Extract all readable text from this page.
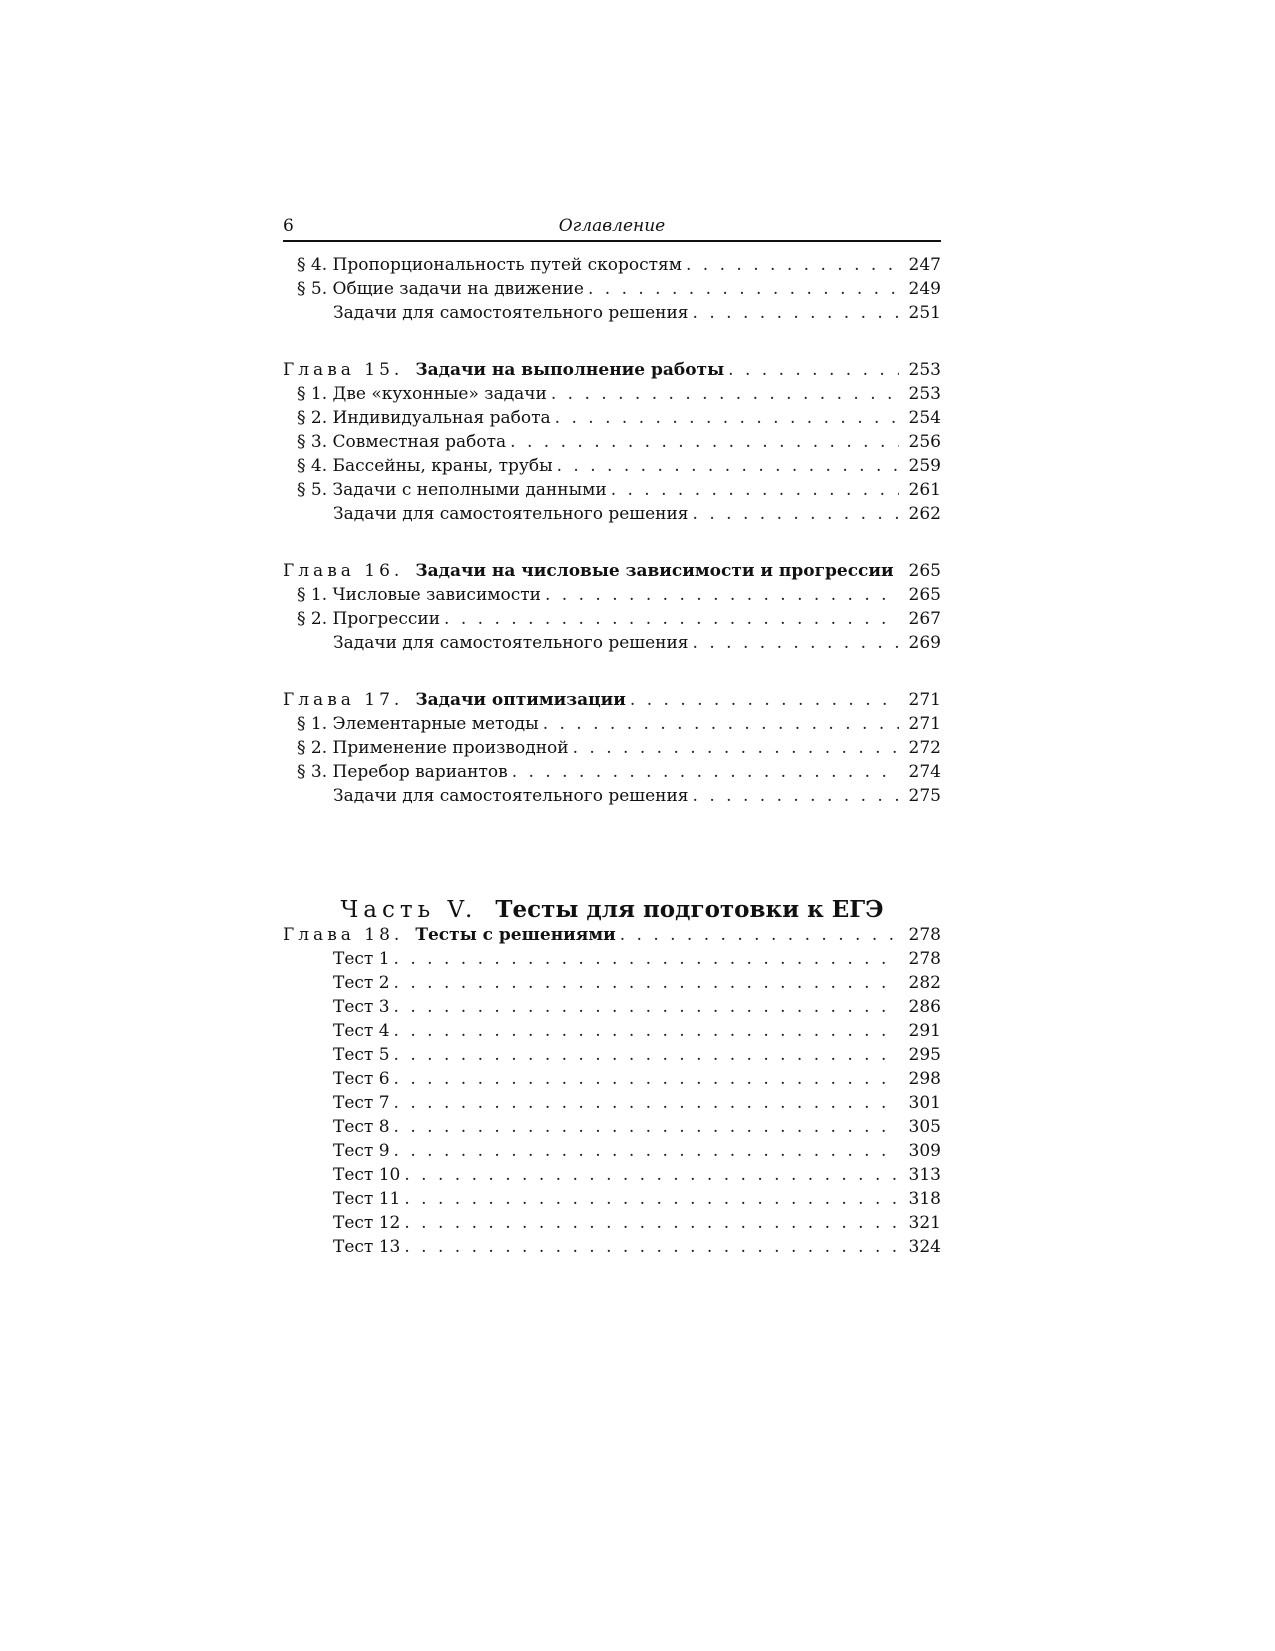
6	Оглавление
§ 4. Пропорциональность путей скоростям . . .	247
§ 5. Общие задачи на движение . . .	249
Задачи для самостоятельного решения . . .	251
Глава 15. Задачи на выполнение работы . . .	253
§ 1. Две «кухонные» задачи . . .	253
§ 2. Индивидуальная работа . . .	254
§ 3. Совместная работа . . .	256
§ 4. Бассейны, краны, трубы . . .	259
§ 5. Задачи с неполными данными . . .	261
Задачи для самостоятельного решения . . .	262
Глава 16. Задачи на числовые зависимости и прогрессии . . . 265
§ 1. Числовые зависимости . . .	265
§ 2. Прогрессии . . .	267
Задачи для самостоятельного решения . . .	269
Глава 17. Задачи оптимизации . . .	271
§ 1. Элементарные методы . . .	271
§ 2. Применение производной . . .	272
§ 3. Перебор вариантов . . .	274
Задачи для самостоятельного решения . . .	275
Глава 18. Тесты с решениями . . .	278
Тест 1 . . .	278
Тест 2 . . .	282
Тест 3 . . .	286
Тест 4 . . .	291
Тест 5 . . .	295
Тест 6 . . .	298
Тест 7 . . .	301
Тест 8 . . .	305
Тест 9 . . .	309
Тест 10 . . .	313
Тест 11 . . .	318
Тест 12 . . .	321
Тест 13 . . .	324
Часть V. Тесты для подготовки к ЕГЭ
